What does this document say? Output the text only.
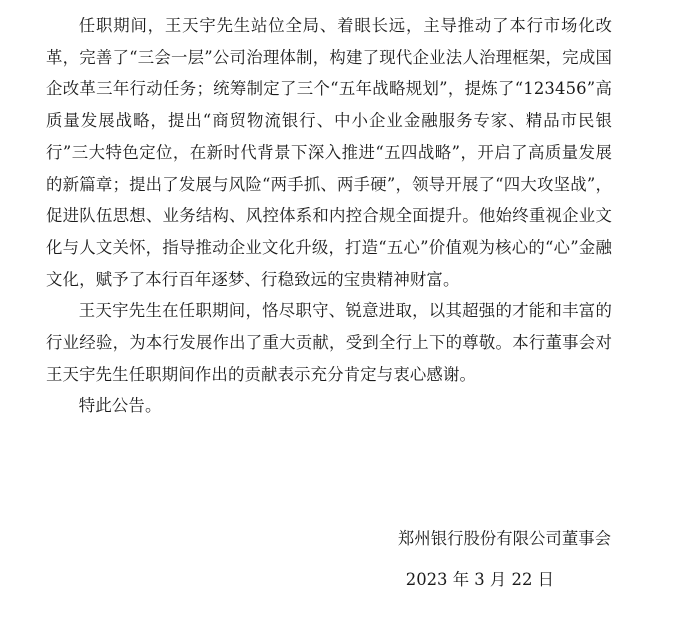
任职期间，王天宇先生站位全局、着眼长远，主导推动了本行市场化改革，完善了“三会一层”公司治理体制，构建了现代企业法人治理框架，完成国企改革三年行动任务；统筹制定了三个“五年战略规划”，提炼了“123456”高质量发展战略，提出“商贸物流银行、中小企业金融服务专家、精品市民银行”三大特色定位，在新时代背景下深入推进“五四战略”，开启了高质量发展的新篇章；提出了发展与风险“两手抓、两手硬”，领导开展了“四大攻坚战”，促进队伍思想、业务结构、风控体系和内控合规全面提升。他始终重视企业文化与人文关怀，指导推动企业文化升级，打造“五心”价值观为核心的“心”金融文化，赋予了本行百年逐梦、行稳致远的宝贵精神财富。

王天宇先生在任职期间，恪尽职守、锐意进取，以其超强的才能和丰富的行业经验，为本行发展作出了重大贡献，受到全行上下的尊敬。本行董事会对王天宇先生任职期间作出的贡献表示充分肯定与衷心感谢。

特此公告。

郑州银行股份有限公司董事会
2023 年 3 月 22 日
